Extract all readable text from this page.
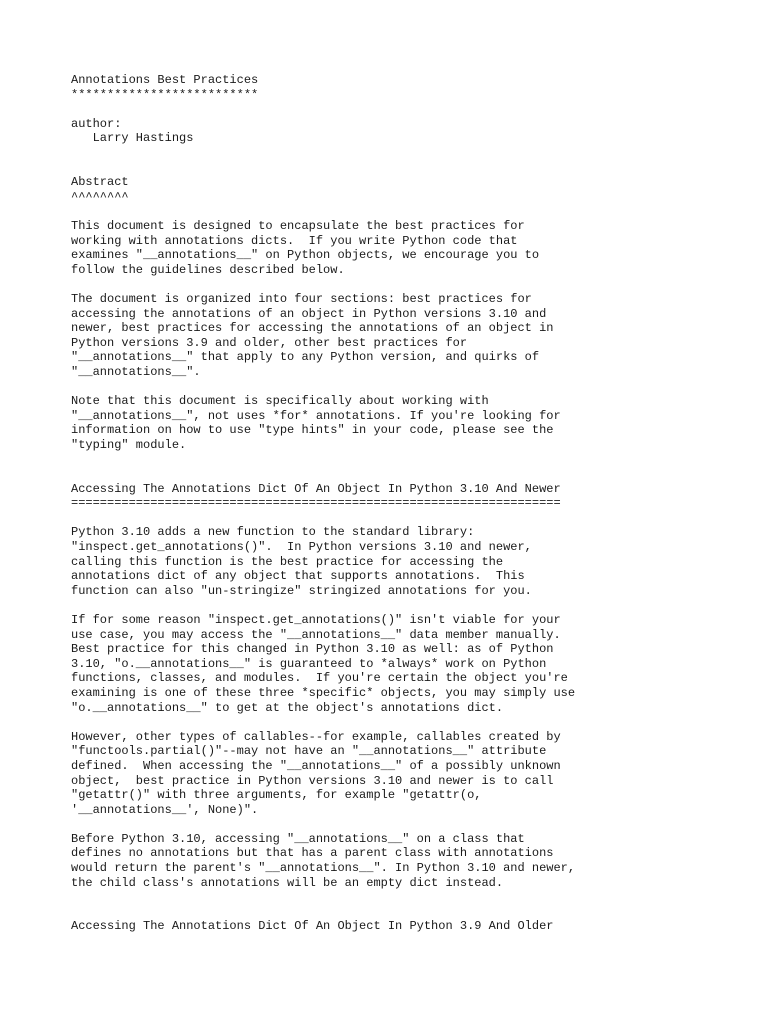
Annotations Best Practices
**************************
author:
Larry Hastings
Abstract
^^^^^^^^
This document is designed to encapsulate the best practices for
working with annotations dicts.  If you write Python code that
examines "__annotations__" on Python objects, we encourage you to
follow the guidelines described below.
The document is organized into four sections: best practices for
accessing the annotations of an object in Python versions 3.10 and
newer, best practices for accessing the annotations of an object in
Python versions 3.9 and older, other best practices for
"__annotations__" that apply to any Python version, and quirks of
"__annotations__".
Note that this document is specifically about working with
"__annotations__", not uses *for* annotations. If you're looking for
information on how to use "type hints" in your code, please see the
"typing" module.
Accessing The Annotations Dict Of An Object In Python 3.10 And Newer
====================================================================
Python 3.10 adds a new function to the standard library:
"inspect.get_annotations()".  In Python versions 3.10 and newer,
calling this function is the best practice for accessing the
annotations dict of any object that supports annotations.  This
function can also "un-stringize" stringized annotations for you.
If for some reason "inspect.get_annotations()" isn't viable for your
use case, you may access the "__annotations__" data member manually.
Best practice for this changed in Python 3.10 as well: as of Python
3.10, "o.__annotations__" is guaranteed to *always* work on Python
functions, classes, and modules.  If you're certain the object you're
examining is one of these three *specific* objects, you may simply use
"o.__annotations__" to get at the object's annotations dict.
However, other types of callables--for example, callables created by
"functools.partial()"--may not have an "__annotations__" attribute
defined.  When accessing the "__annotations__" of a possibly unknown
object,  best practice in Python versions 3.10 and newer is to call
"getattr()" with three arguments, for example "getattr(o,
'__annotations__', None)".
Before Python 3.10, accessing "__annotations__" on a class that
defines no annotations but that has a parent class with annotations
would return the parent's "__annotations__". In Python 3.10 and newer,
the child class's annotations will be an empty dict instead.
Accessing The Annotations Dict Of An Object In Python 3.9 And Older
